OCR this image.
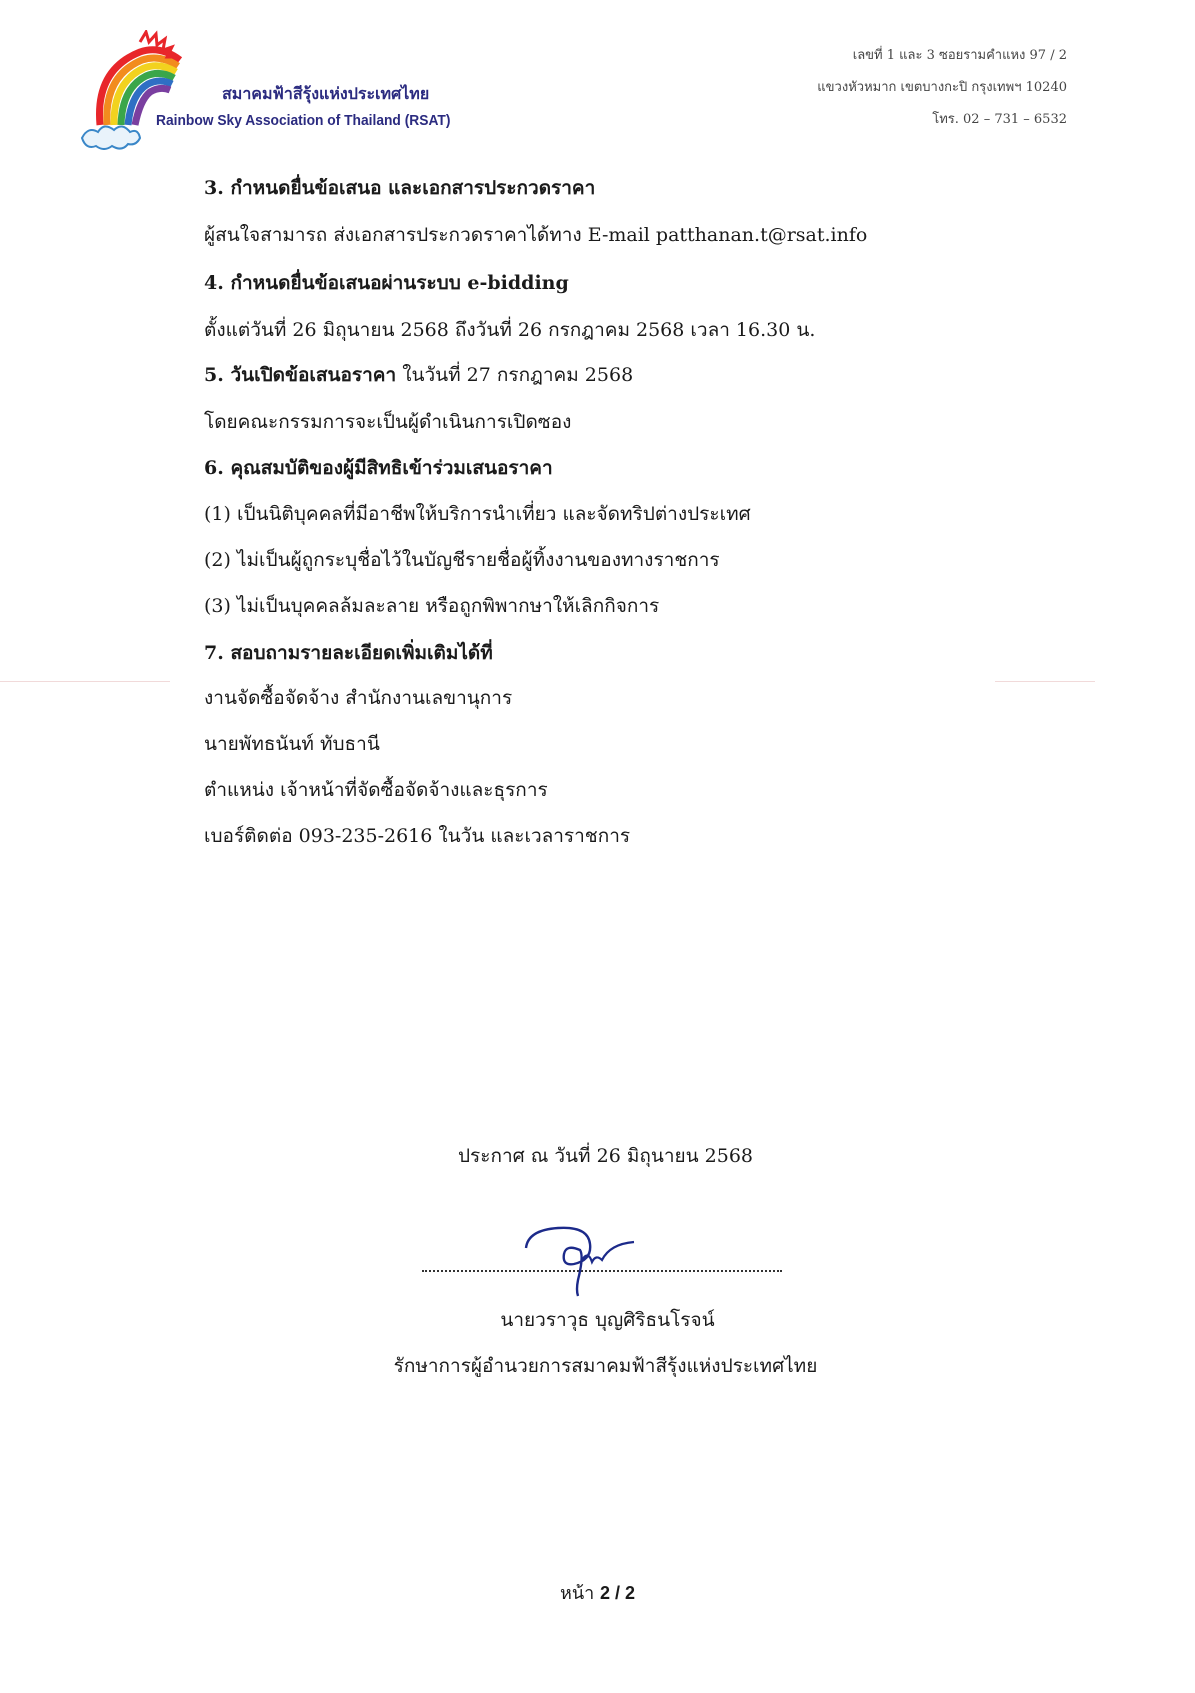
สมาคมฟ้าสีรุ้งแห่งประเทศไทย
Rainbow Sky Association of Thailand (RSAT)
เลขที่ 1 และ 3 ซอยรามคำแหง 97 / 2
แขวงหัวหมาก เขตบางกะปิ กรุงเทพฯ 10240
โทร. 02 – 731 – 6532
3. กำหนดยื่นข้อเสนอ และเอกสารประกวดราคา
ผู้สนใจสามารถ ส่งเอกสารประกวดราคาได้ทาง E-mail patthanan.t@rsat.info
4. กำหนดยื่นข้อเสนอผ่านระบบ e-bidding
ตั้งแต่วันที่ 26 มิถุนายน 2568 ถึงวันที่ 26 กรกฎาคม 2568 เวลา 16.30 น.
5. วันเปิดข้อเสนอราคา ในวันที่ 27 กรกฎาคม 2568
โดยคณะกรรมการจะเป็นผู้ดำเนินการเปิดซอง
6. คุณสมบัติของผู้มีสิทธิเข้าร่วมเสนอราคา
(1) เป็นนิติบุคคลที่มีอาชีพให้บริการนำเที่ยว และจัดทริปต่างประเทศ
(2) ไม่เป็นผู้ถูกระบุชื่อไว้ในบัญชีรายชื่อผู้ทิ้งงานของทางราชการ
(3) ไม่เป็นบุคคลล้มละลาย หรือถูกพิพากษาให้เลิกกิจการ
7. สอบถามรายละเอียดเพิ่มเติมได้ที่
งานจัดซื้อจัดจ้าง สำนักงานเลขานุการ
นายพัทธนันท์ ทับธานี
ตำแหน่ง เจ้าหน้าที่จัดซื้อจัดจ้างและธุรการ
เบอร์ติดต่อ 093-235-2616 ในวัน และเวลาราชการ
ประกาศ ณ วันที่ 26 มิถุนายน 2568
นายวราวุธ บุญศิริธนโรจน์
รักษาการผู้อำนวยการสมาคมฟ้าสีรุ้งแห่งประเทศไทย
หน้า 2 / 2
